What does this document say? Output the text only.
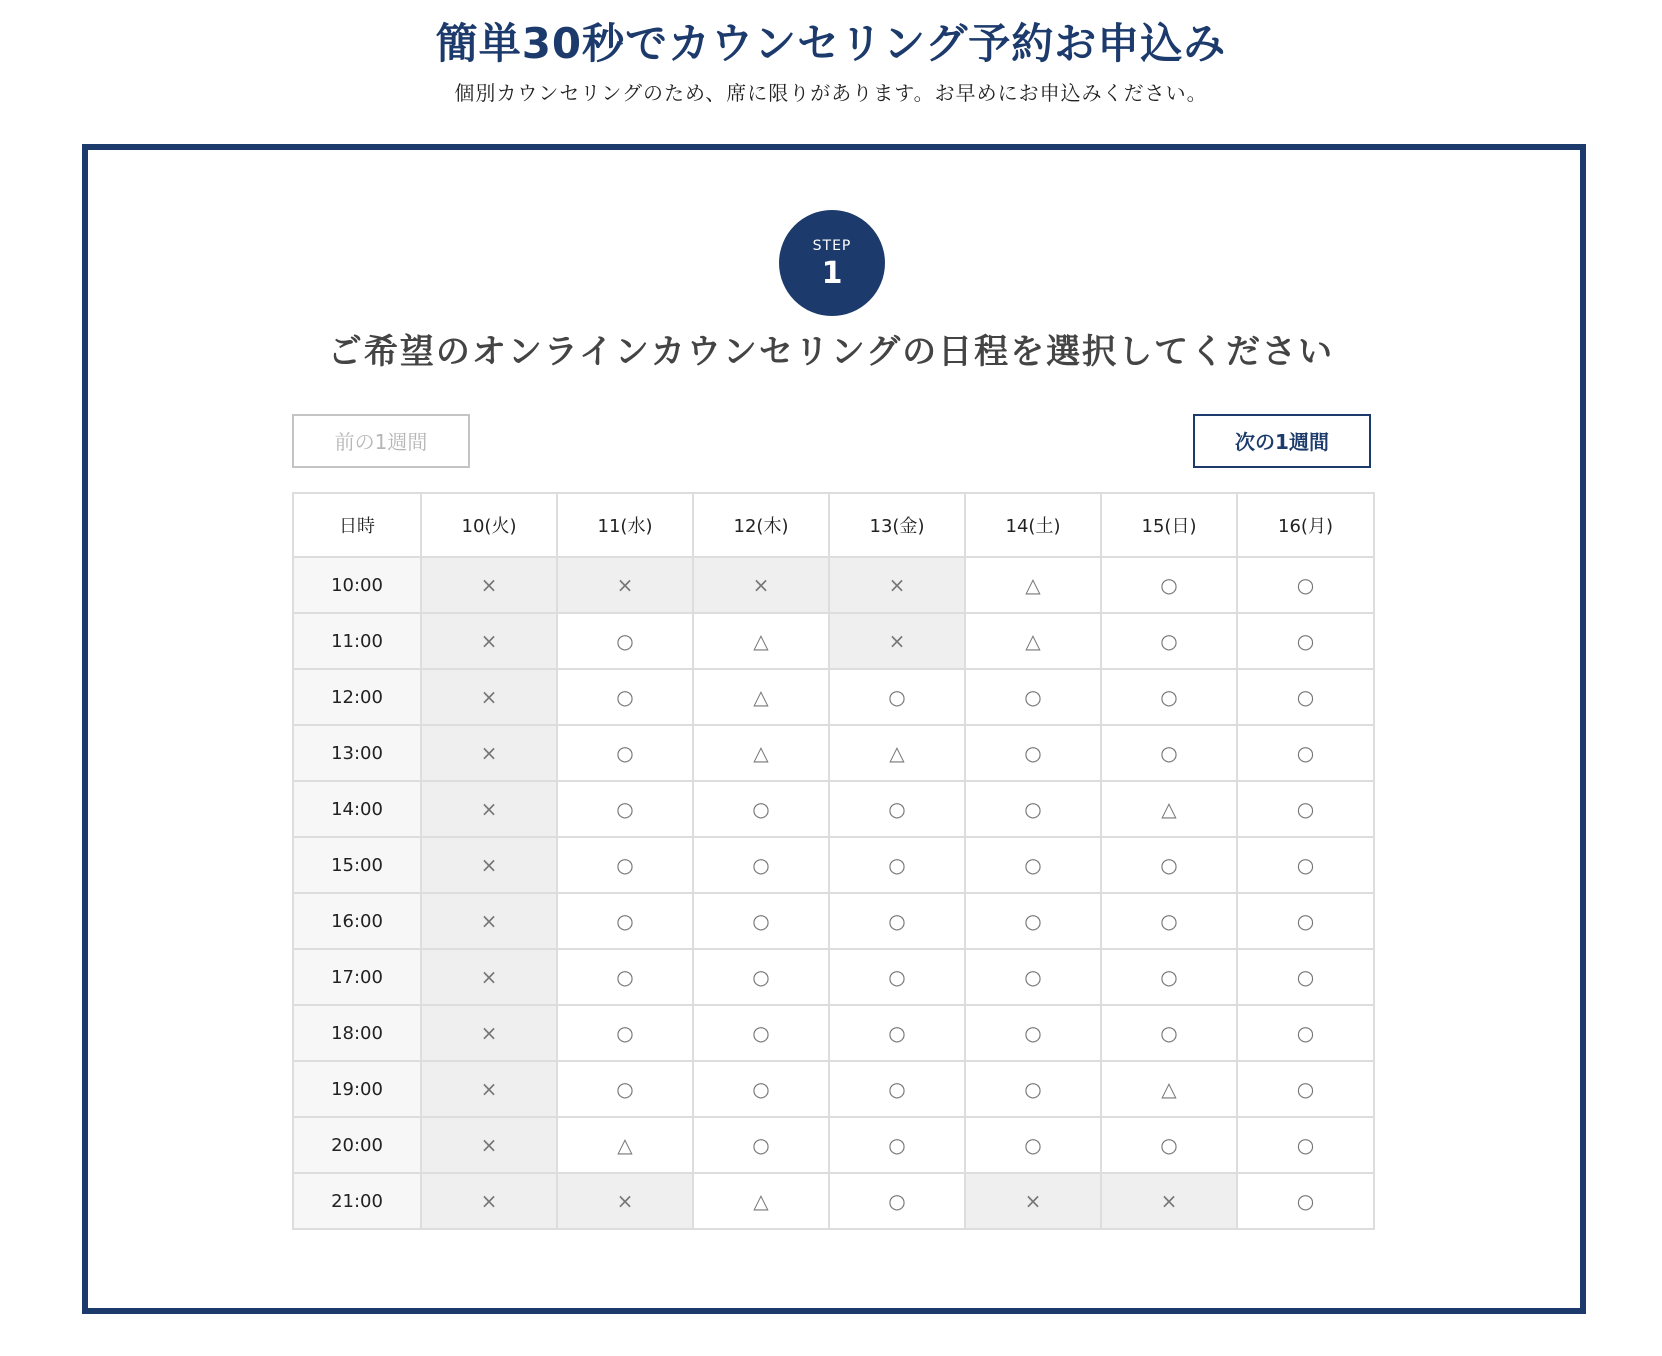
簡単30秒でカウンセリング予約お申込み
個別カウンセリングのため、席に限りがあります。お早めにお申込みください。
STEP
1
ご希望のオンラインカウンセリングの日程を選択してください
前の1週間	次の1週間
日時	10(火)	11(水)	12(木)	13(金)	14(土)	15(日)	16(月)
10:00	×	×	×	×	△	○	○
11:00	×	○	△	×	△	○	○
12:00	×	○	△	○	○	○	○
13:00	×	○	△	△	○	○	○
14:00	×	○	○	○	○	△	○
15:00	×	○	○	○	○	○	○
16:00	×	○	○	○	○	○	○
17:00	×	○	○	○	○	○	○
18:00	×	○	○	○	○	○	○
19:00	×	○	○	○	○	△	○
20:00	×	△	○	○	○	○	○
21:00	×	×	△	○	×	×	○
